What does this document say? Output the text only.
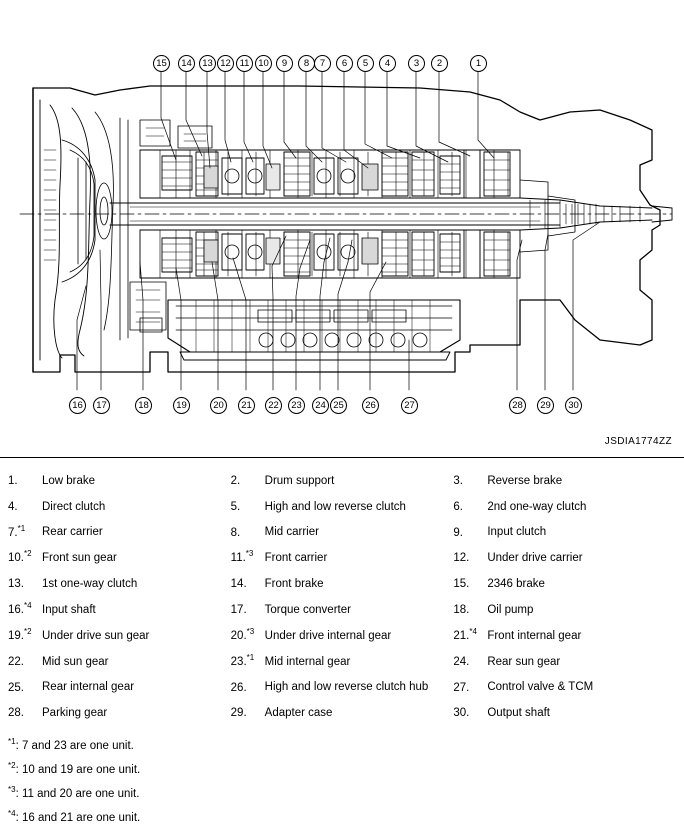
15	14	13 12 11 10	9	8	7	6	5	4	3	2	1
16	17	18	19	20	21	22	23	24 25	26	27	28	29	30
JSDIA1774ZZ
1.	Low brake	2.	Drum support	3.	Reverse brake
4.	Direct clutch	5.	High and low reverse clutch	6.	2nd one-way clutch
7.$^{*1}$	Rear carrier	8.	Mid carrier	9.	Input clutch
10.$^{*2}$ Front sun gear	11.$^{*3}$ Front carrier	12.	Under drive carrier
13.	1st one-way clutch	14.	Front brake	15.	2346 brake
16.$^{*4}$ Input shaft	17.	Torque converter	18.	Oil pump
19.$^{*2}$ Under drive sun gear	20.$^{*3}$ Under drive internal gear	21.$^{*4}$ Front internal gear
22.	Mid sun gear	23.$^{*1}$ Mid internal gear	24.	Rear sun gear
25.	Rear internal gear	26.	High and low reverse clutch hub	27.	Control valve & TCM
28.	Parking gear	29.	Adapter case	30.	Output shaft
$^{*1}$: 7 and 23 are one unit.
$^{*2}$: 10 and 19 are one unit.
$^{*3}$: 11 and 20 are one unit.
$^{*4}$: 16 and 21 are one unit.
